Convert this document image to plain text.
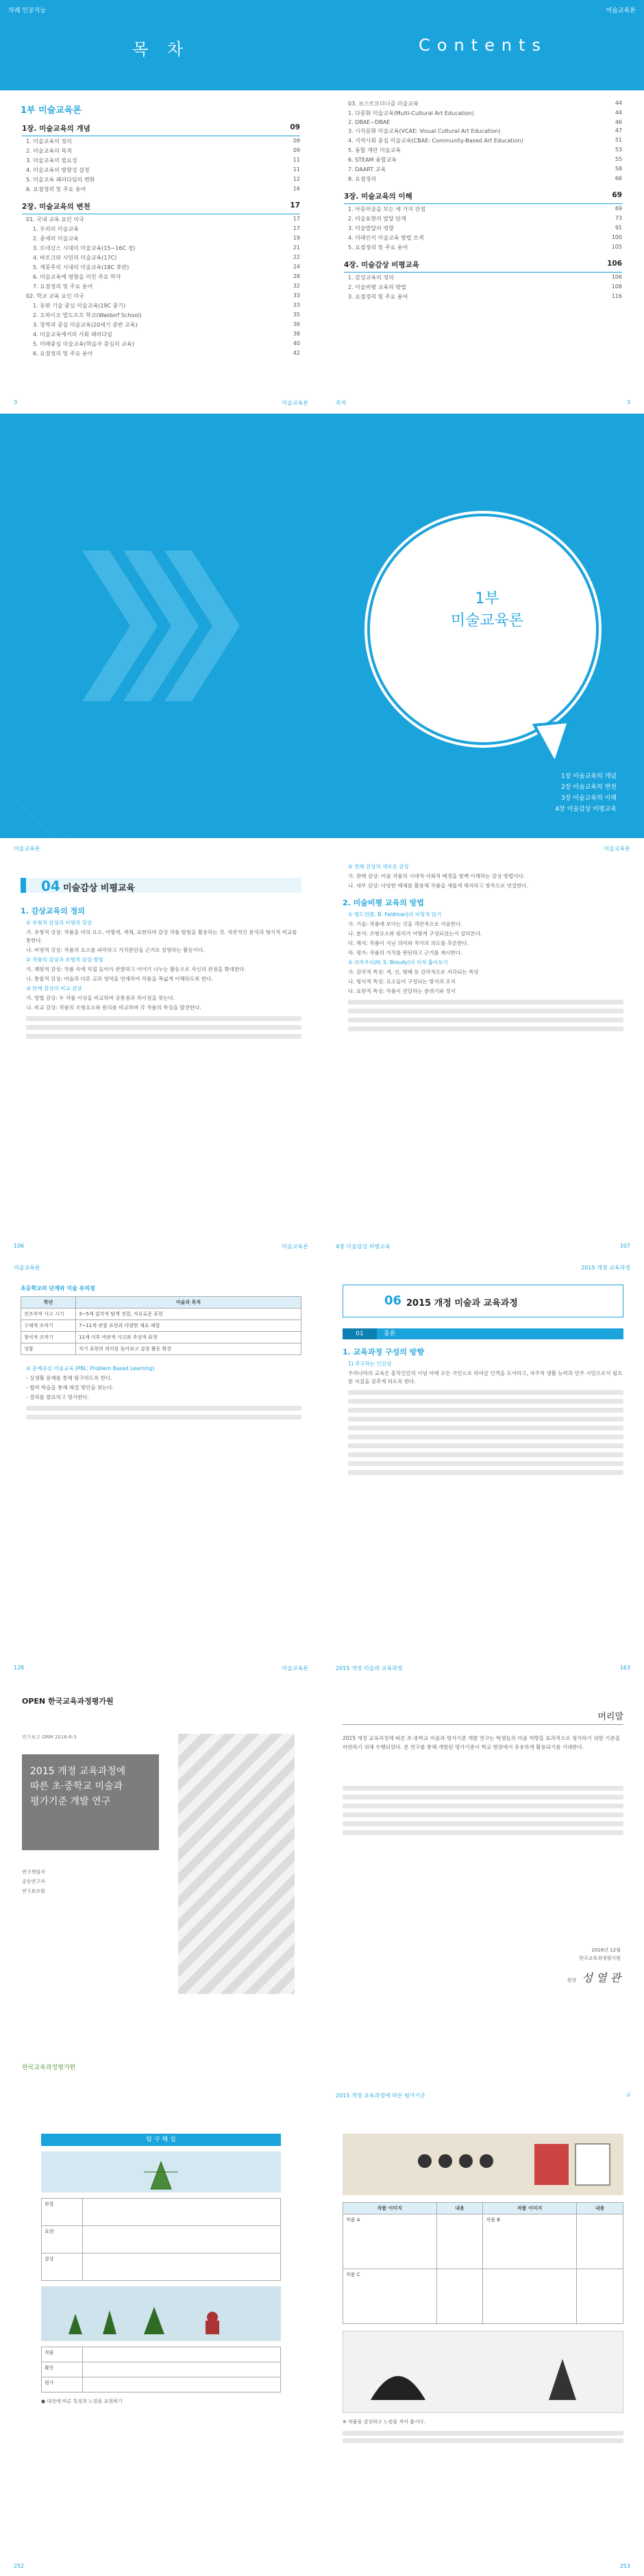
차례 인공지능
목 차
1부 미술교육론
1장. 미술교육의 개념	09
1. 미술교육의 정의	09
2. 미술교육의 목적	09
3. 미술교육의 필요성	11
4. 미술교육의 방향성 설정	11
5. 미술교육 패러다임의 변화	12
6. 요점정리 및 주요 용어	16
2장. 미술교육의 변천	17
01. 국내 교육 요인 미국	17
1. 우리의 미술교육	17
2. 중세의 미술교육	19
3. 르네상스 시대의 미술교육(15~16C 경)	21
4. 바로크와 시민의 미술교육(17C)	22
5. 계몽주의 시대의 미술교육(18C 후반)	24
6. 미술교육에 영향을 미친 주요 학자	28
7. 요점정리 및 주요 용어	32
02. 학교 교육 요인 미국	33
1. 동판 기술 중심 미술교육(19C 중기)	33
2. 오하이오 발도르프 학교(Waldorf School)	35
3. 창작과 중심 미술교육(20세기 중반 교육)	36
4. 미술교육에서의 사회 패러다임	38
5. 미래중심 미술교육(학습자 중심의 교육)	40
6. 요점정리 및 주요 용어	42
3	미술교육론
미술교육론
Contents
03. 포스트모더니즘 미술교육	44
1. 다문화 미술교육(Multi-Cultural Art Education)	44
2. DBAE~DBAE	46
3. 시각문화 미술교육(VCAE: Visual Cultural Art Education)	47
4. 지역사회 중심 미술교육(CBAE: Community-Based Art Education)	51
5. 융합 계란 미술교육	53
6. STEAM 융합교육	55
7. DAART 교육	58
8. 요점정리	66
3장. 미술교육의 이해	69
1. 아동미술을 보는 세 가지 관점	69
2. 미술표현의 발달 단계	73
3. 미술발달의 영향	91
4. 미래인식 미술교육 방법 모색	100
5. 요점정리 및 주요 용어	105
4장. 미술감상 비평교육	106
1. 감상교육의 정의	106
2. 미술비평 교육의 방법	108
3. 요점정리 및 주요 용어	116
목차	3
1부
미술교육론
1장 미술교육의 개념
2장 미술교육의 변천
3장 미술교육의 이해
4장 미술감상 비평교육
미술교육론
04 미술감상 비평교육
1. 감상교육의 정의
① 유형적 감상과 비평의 강상
가. 유형적 강상: 작품을 미의 요소, 어떻게, 색채, 표현하며 감상 작품 탐험을 활용하는 것. 직관적인 분석과 형식적 비교를 통한다.
나. 비평적 강상: 작품의 요소를 파악하고 가치판단을 근거로 설명하는 활동이다.
② 작품의 감상과 유형적 감상 방법
가. 체험적 감상: 작품 속에 직접 들어가 관찰하고 이야기 나누는 활동으로 자신의 관점을 확대한다.
나. 통합적 감상: 미술과 다른 교과 영역을 연계하여 작품을 폭넓게 이해하도록 한다.
③ 단계 감상의 비교 감상
가. 방법 감상: 두 작품 이상을 비교하며 공통점과 차이점을 찾는다.
나. 비교 감상: 작품의 조형요소와 원리를 비교하며 각 작품의 특성을 발견한다.
106	미술교육론
미술교육론
② 전래 감상의 새로운 감상
가. 판매 감상: 미술 작품의 시대적·사회적 배경을 함께 이해하는 감상 방법이다.
나. 대무 감상: 다양한 매체를 활용해 작품을 새롭게 해석하고 창작으로 연결한다.
2. 미술비평 교육의 방법
① 펠드먼(E. B. Feldman)의 비평적 읽기
가. 기술: 작품에 보이는 것을 객관적으로 서술한다.
나. 분석: 조형요소와 원리가 어떻게 구성되었는지 살펴본다.
다. 해석: 작품이 지닌 의미와 작가의 의도를 추론한다.
라. 평가: 작품의 가치를 판단하고 근거를 제시한다.
② 브라우디(H. S. Broudy)의 미적 훑어보기
가. 감각적 특성: 색, 선, 형태 등 감각적으로 지각되는 특성
나. 형식적 특성: 요소들이 구성되는 방식과 조직
다. 표현적 특성: 작품이 전달하는 분위기와 정서
4장 미술감상 비평교육	107
미술교육론
초등학교의 단계와 미술 유의점
학년	미술과 목적
전조작적 사고 시기	3~5세 감각적 탐색 경험, 자유로운 표현
구체적 조작기	7~11세 관찰 표현과 다양한 재료 체험
형식적 조작기	11세 이후 비판적 사고와 추상적 표현
성찰	자기 표현의 의미를 돌아보고 감상 활동 확장
② 문제중심 미술교육 (PBL: Problem Based Learning)
- 실생활 문제를 통해 탐구하도록 한다.
- 협력 학습을 통해 해결 방안을 찾는다.
- 결과를 발표하고 평가한다.
126	미술교육론
2015 개정 교육과정
06 2015 개정 미술과 교육과정
01	총론
1. 교육과정 구성의 방향
1) 추구하는 인간상
우리나라의 교육은 홍익인간의 이념 아래 모든 국민으로 하여금 인격을 도야하고, 자주적 생활 능력과 민주 시민으로서 필요한 자질을 갖추게 하도록 한다.
2015 개정 미술과 교육과정	163
OPEN 한국교육과정평가원
연구보고 ORM 2016-6-3
2015 개정 교육과정에
따른 초·중학교 미술과
평가기준 개발 연구
연구책임자
공동연구자
연구보조원
한국교육과정평가원
머리말
2015 개정 교육과정에 따른 초·중학교 미술과 평가기준 개발 연구는 학생들의 미술 역량을 효과적으로 평가하기 위한 기준을 마련하기 위해 수행되었다. 본 연구를 통해 개발된 평가기준이 학교 현장에서 유용하게 활용되기를 기대한다.
2016년 12월
한국교육과정평가원
원장 성 열 관
2015 개정 교육과정에 따른 평가기준	ii
탐 구 해 설
관찰	
표현	
감상	
작품	
활동	
평가	
● 대상에 따른 특징과 느낌을 표현하기
252
작품 이미지	내용	작품 이미지	내용
작품 A		작품 B	
작품 C			
※ 작품을 감상하고 느낌을 적어 봅시다.
253
